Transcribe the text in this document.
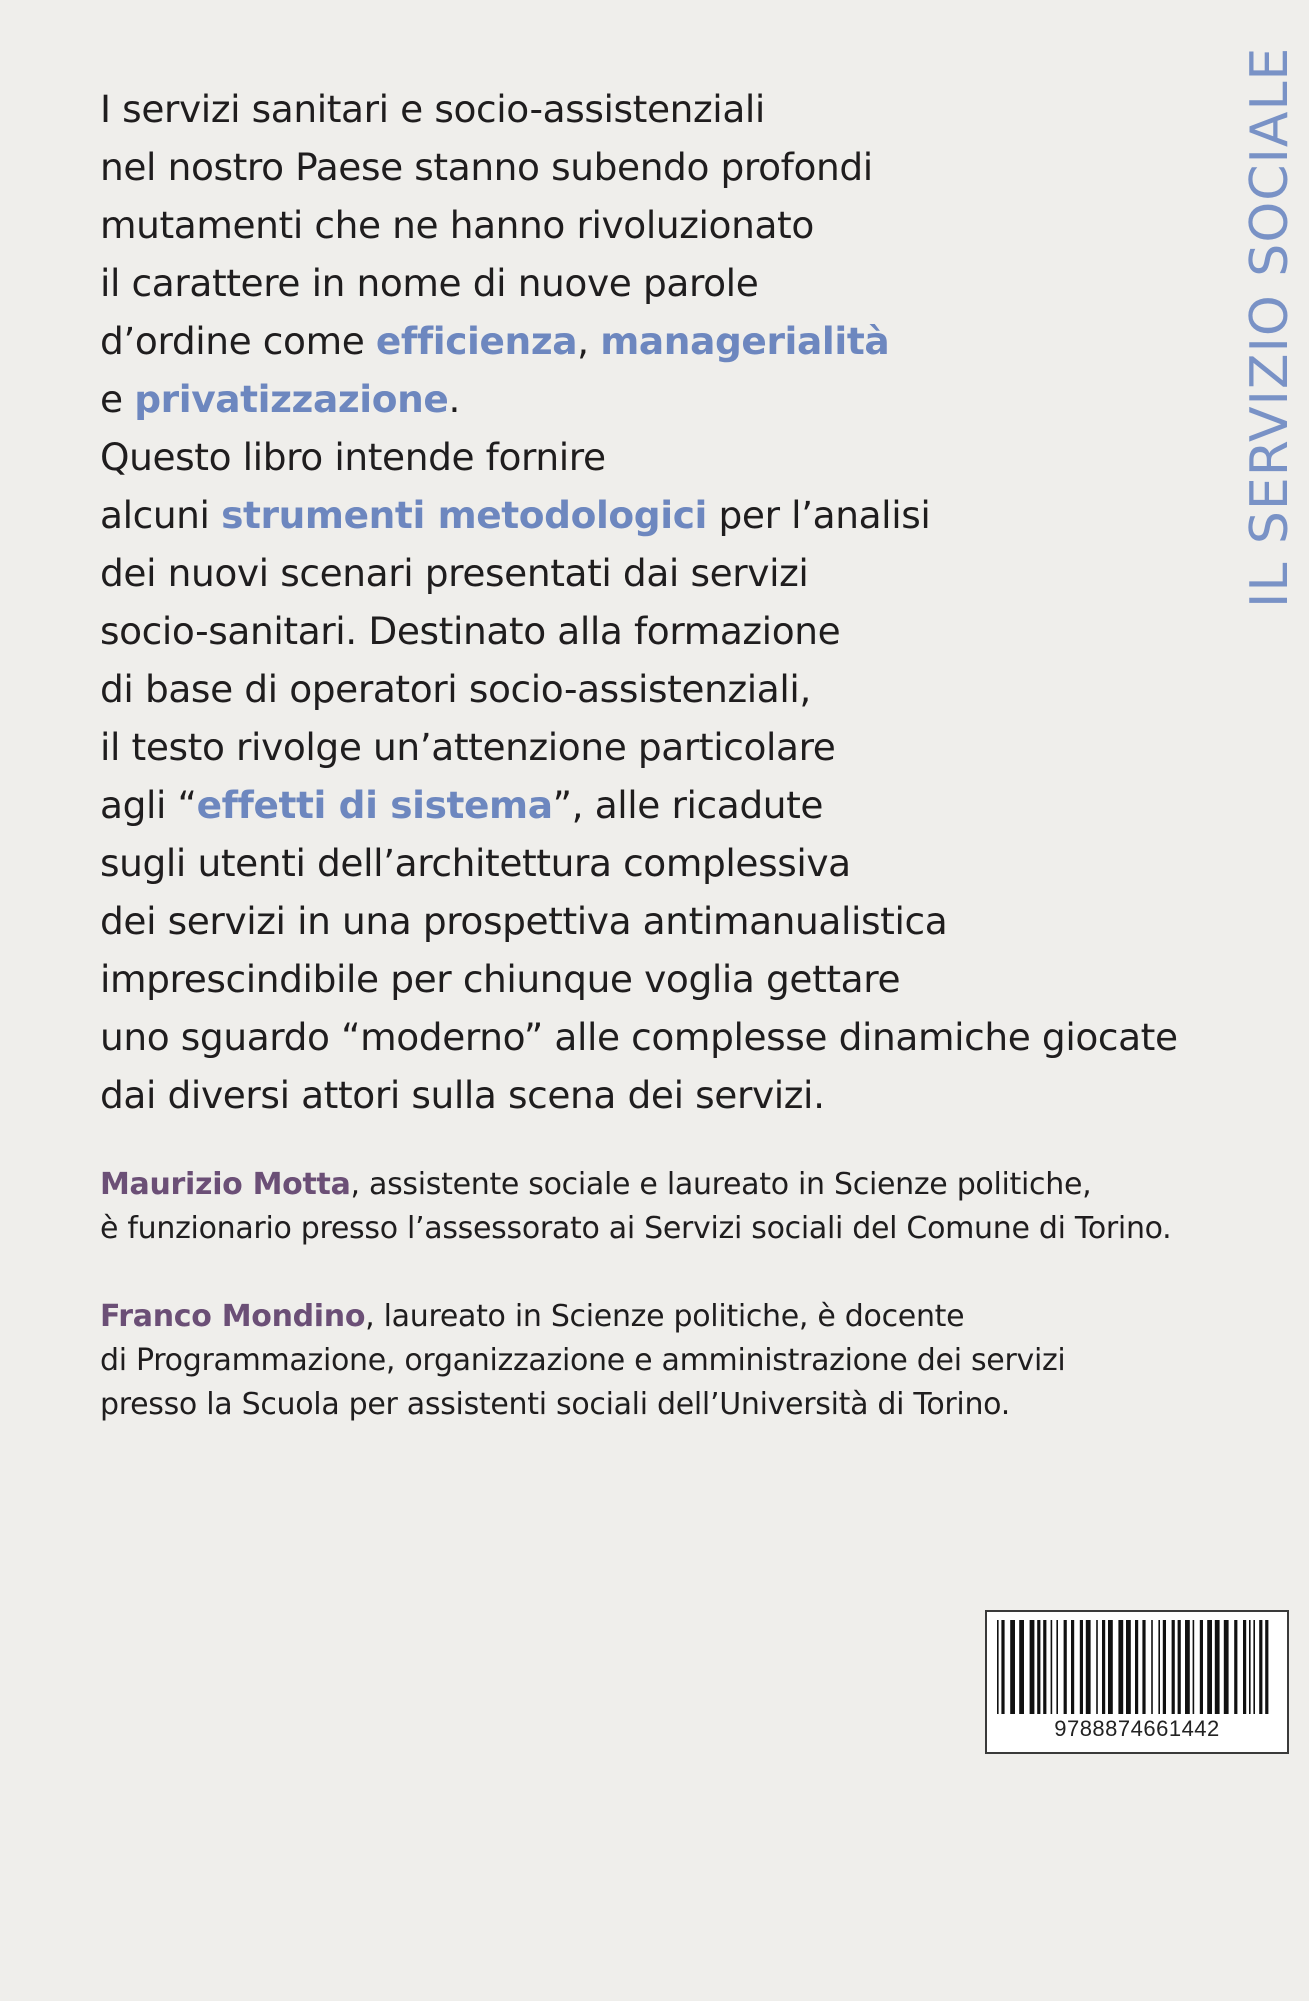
IL SERVIZIO SOCIALE
I servizi sanitari e socio-assistenziali
nel nostro Paese stanno subendo profondi
mutamenti che ne hanno rivoluzionato
il carattere in nome di nuove parole
d’ordine come efficienza, managerialità
e privatizzazione.
Questo libro intende fornire
alcuni strumenti metodologici per l’analisi
dei nuovi scenari presentati dai servizi
socio-sanitari. Destinato alla formazione
di base di operatori socio-assistenziali,
il testo rivolge un’attenzione particolare
agli “effetti di sistema”, alle ricadute
sugli utenti dell’architettura complessiva
dei servizi in una prospettiva antimanualistica
imprescindibile per chiunque voglia gettare
uno sguardo “moderno” alle complesse dinamiche giocate
dai diversi attori sulla scena dei servizi.
Maurizio Motta, assistente sociale e laureato in Scienze politiche,
è funzionario presso l’assessorato ai Servizi sociali del Comune di Torino.
Franco Mondino, laureato in Scienze politiche, è docente
di Programmazione, organizzazione e amministrazione dei servizi
presso la Scuola per assistenti sociali dell’Università di Torino.
9788874661442
